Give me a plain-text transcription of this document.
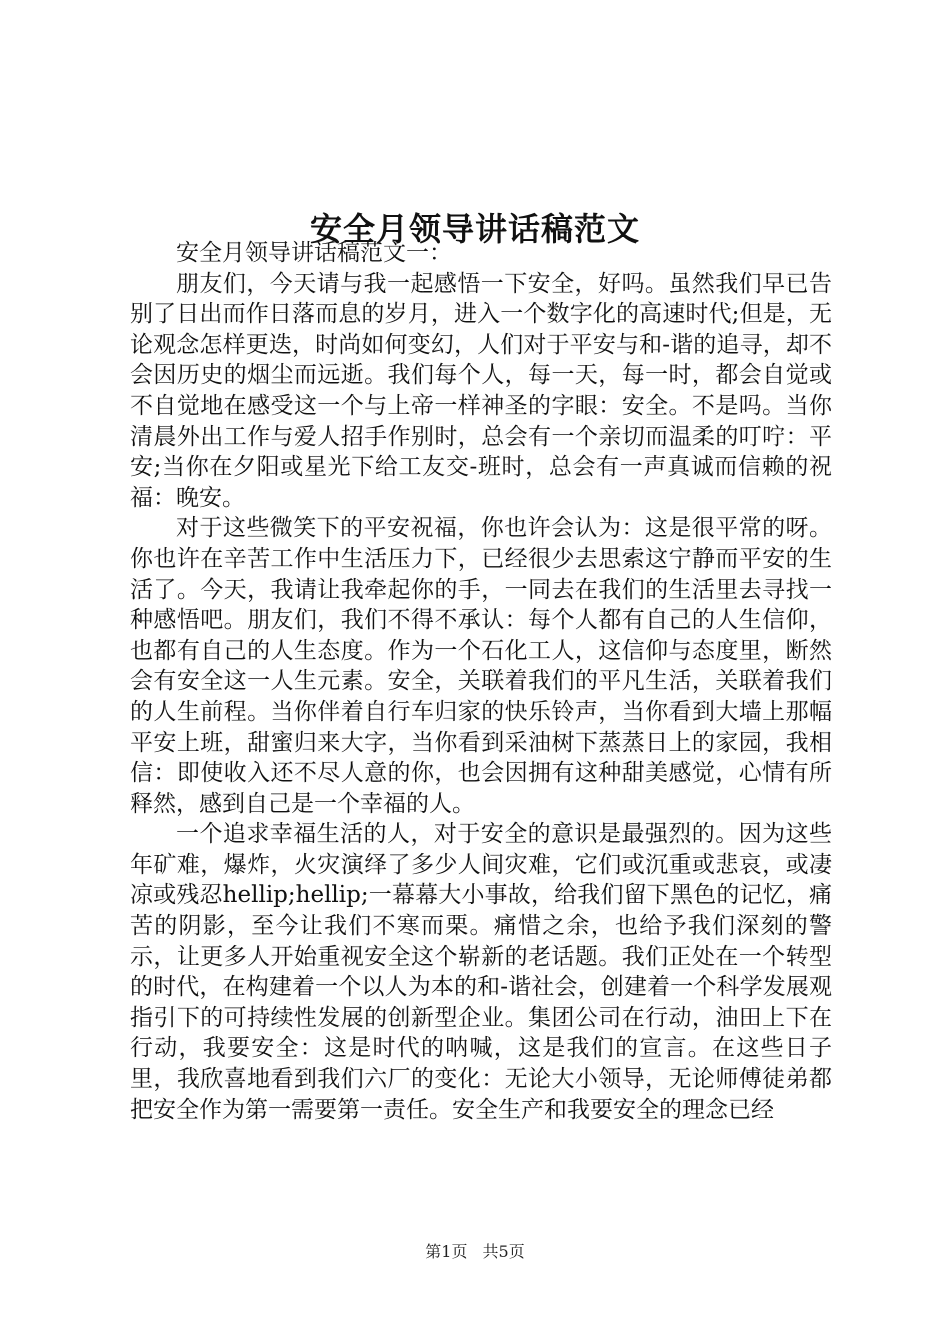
安全月领导讲话稿范文

安全月领导讲话稿范文一：

朋友们，今天请与我一起感悟一下安全，好吗。虽然我们早已告别了日出而作日落而息的岁月，进入一个数字化的高速时代;但是，无论观念怎样更迭，时尚如何变幻，人们对于平安与和-谐的追寻，却不会因历史的烟尘而远逝。我们每个人，每一天，每一时，都会自觉或不自觉地在感受这一个与上帝一样神圣的字眼：安全。不是吗。当你清晨外出工作与爱人招手作别时，总会有一个亲切而温柔的叮咛：平安;当你在夕阳或星光下给工友交-班时，总会有一声真诚而信赖的祝福：晚安。

对于这些微笑下的平安祝福，你也许会认为：这是很平常的呀。你也许在辛苦工作中生活压力下，已经很少去思索这宁静而平安的生活了。今天，我请让我牵起你的手，一同去在我们的生活里去寻找一种感悟吧。朋友们，我们不得不承认：每个人都有自己的人生信仰，也都有自己的人生态度。作为一个石化工人，这信仰与态度里，断然会有安全这一人生元素。安全，关联着我们的平凡生活，关联着我们的人生前程。当你伴着自行车归家的快乐铃声，当你看到大墙上那幅平安上班，甜蜜归来大字，当你看到采油树下蒸蒸日上的家园，我相信：即使收入还不尽人意的你，也会因拥有这种甜美感觉，心情有所释然，感到自己是一个幸福的人。

一个追求幸福生活的人，对于安全的意识是最强烈的。因为这些年矿难，爆炸，火灾演绎了多少人间灾难，它们或沉重或悲哀，或凄凉或残忍hellip;hellip;一幕幕大小事故，给我们留下黑色的记忆，痛苦的阴影，至今让我们不寒而栗。痛惜之余，也给予我们深刻的警示，让更多人开始重视安全这个崭新的老话题。我们正处在一个转型的时代，在构建着一个以人为本的和-谐社会，创建着一个科学发展观指引下的可持续性发展的创新型企业。集团公司在行动，油田上下在行动，我要安全：这是时代的呐喊，这是我们的宣言。在这些日子里，我欣喜地看到我们六厂的变化：无论大小领导，无论师傅徒弟都把安全作为第一需要第一责任。安全生产和我要安全的理念已经

第1页 共5页
